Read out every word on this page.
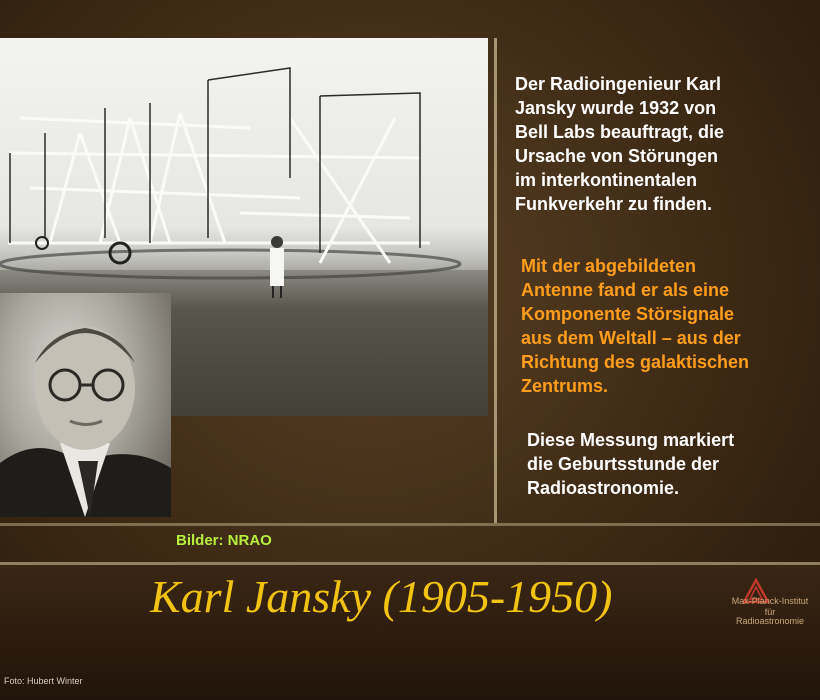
Der Radioingenieur Karl
Jansky wurde 1932 von
Bell Labs beauftragt, die
Ursache von Störungen
im interkontinentalen
Funkverkehr zu finden.

Mit der abgebildeten
Antenne fand er als eine
Komponente Störsignale
aus dem Weltall – aus der
Richtung des galaktischen
Zentrums.

Diese Messung markiert
die Geburtsstunde der
Radioastronomie.

Bilder: NRAO
Karl Jansky (1905-1950)	Max-Planck-Institut
für
Radioastronomie
Foto: Hubert Winter
